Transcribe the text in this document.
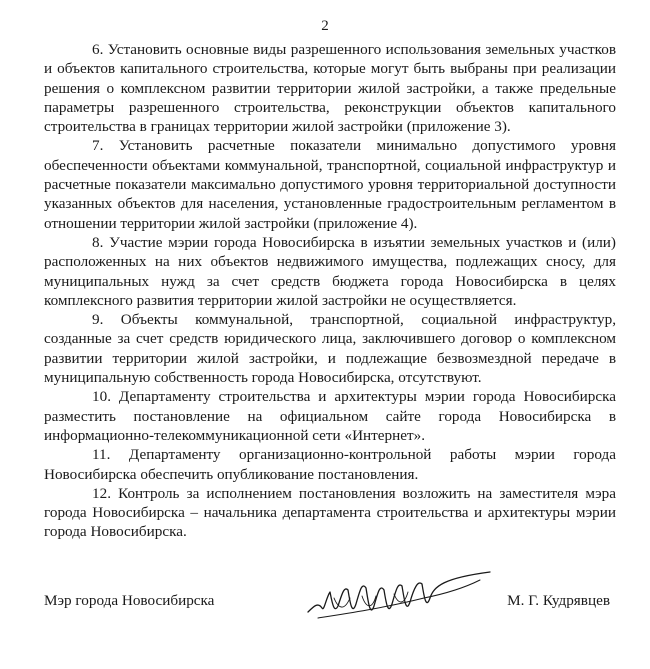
2

6. Установить основные виды разрешенного использования земельных участков и объектов капитального строительства, которые могут быть выбраны при реализации решения о комплексном развитии территории жилой застройки, а также предельные параметры разрешенного строительства, реконструкции объектов капитального строительства в границах территории жилой застройки (приложение 3).

7. Установить расчетные показатели минимально допустимого уровня обеспеченности объектами коммунальной, транспортной, социальной инфраструктур и расчетные показатели максимально допустимого уровня территориальной доступности указанных объектов для населения, установленные градостроительным регламентом в отношении территории жилой застройки (приложение 4).

8. Участие мэрии города Новосибирска в изъятии земельных участков и (или) расположенных на них объектов недвижимого имущества, подлежащих сносу, для муниципальных нужд за счет средств бюджета города Новосибирска в целях комплексного развития территории жилой застройки не осуществляется.

9. Объекты коммунальной, транспортной, социальной инфраструктур, созданные за счет средств юридического лица, заключившего договор о комплексном развитии территории жилой застройки, и подлежащие безвозмездной передаче в муниципальную собственность города Новосибирска, отсутствуют.

10. Департаменту строительства и архитектуры мэрии города Новосибирска разместить постановление на официальном сайте города Новосибирска в информационно-телекоммуникационной сети «Интернет».

11. Департаменту организационно-контрольной работы мэрии города Новосибирска обеспечить опубликование постановления.

12. Контроль за исполнением постановления возложить на заместителя мэра города Новосибирска – начальника департамента строительства и архитектуры мэрии города Новосибирска.

Мэр города Новосибирска	М. Г. Кудрявцев
